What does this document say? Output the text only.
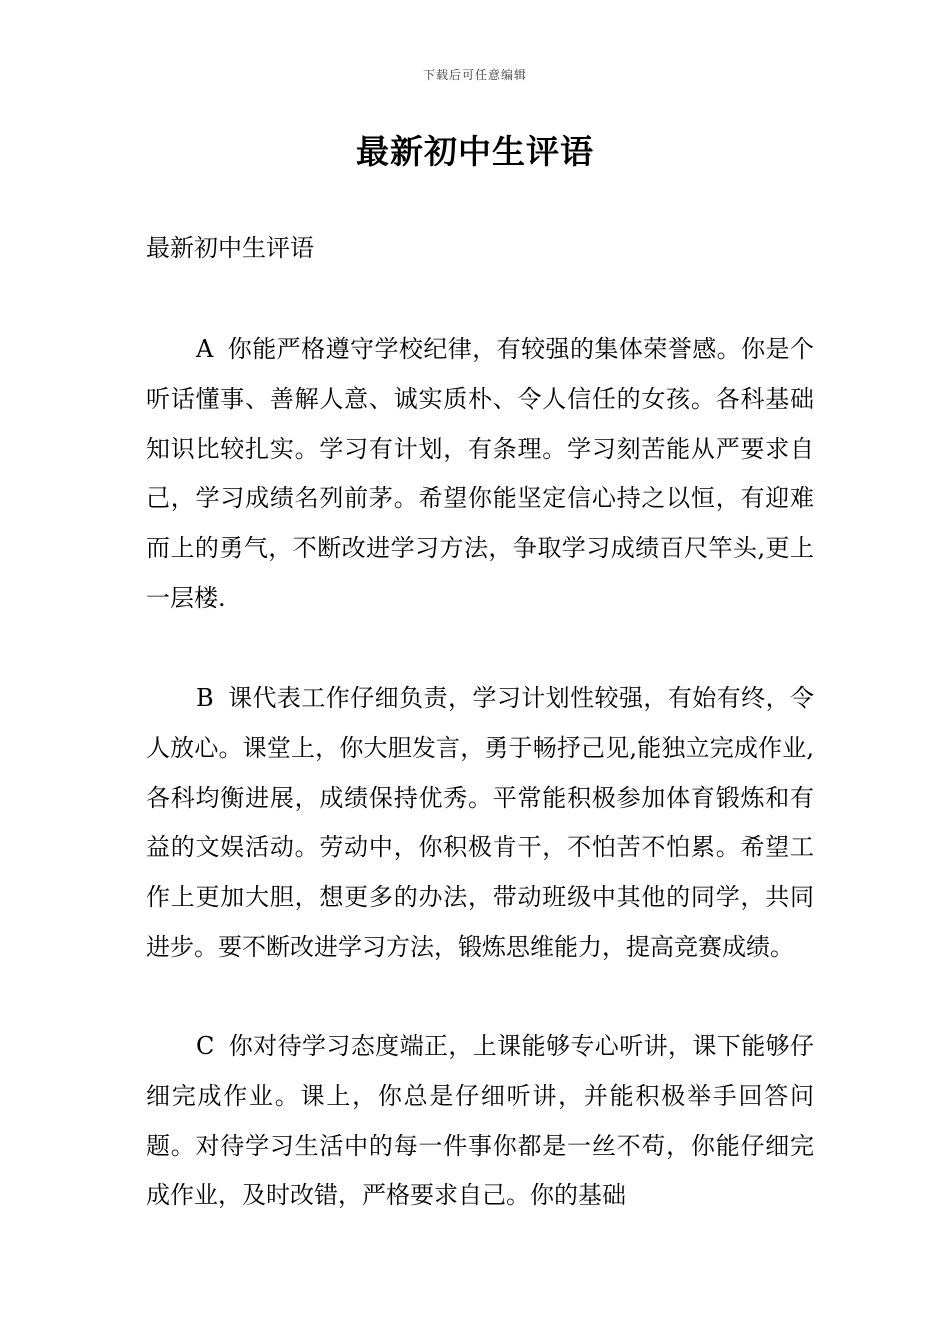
下载后可任意编辑
最新初中生评语

最新初中生评语

A 你能严格遵守学校纪律，有较强的集体荣誉感。你是个听话懂事、善解人意、诚实质朴、令人信任的女孩。各科基础知识比较扎实。学习有计划，有条理。学习刻苦能从严要求自己，学习成绩名列前茅。希望你能坚定信心持之以恒，有迎难而上的勇气，不断改进学习方法，争取学习成绩百尺竿头,更上一层楼.

B 课代表工作仔细负责，学习计划性较强，有始有终，令人放心。课堂上，你大胆发言，勇于畅抒己见,能独立完成作业,各科均衡进展，成绩保持优秀。平常能积极参加体育锻炼和有益的文娱活动。劳动中，你积极肯干，不怕苦不怕累。希望工作上更加大胆，想更多的办法，带动班级中其他的同学，共同进步。要不断改进学习方法，锻炼思维能力，提高竞赛成绩。

C 你对待学习态度端正，上课能够专心听讲，课下能够仔细完成作业。课上，你总是仔细听讲，并能积极举手回答问题。对待学习生活中的每一件事你都是一丝不苟，你能仔细完成作业，及时改错，严格要求自己。你的基础
